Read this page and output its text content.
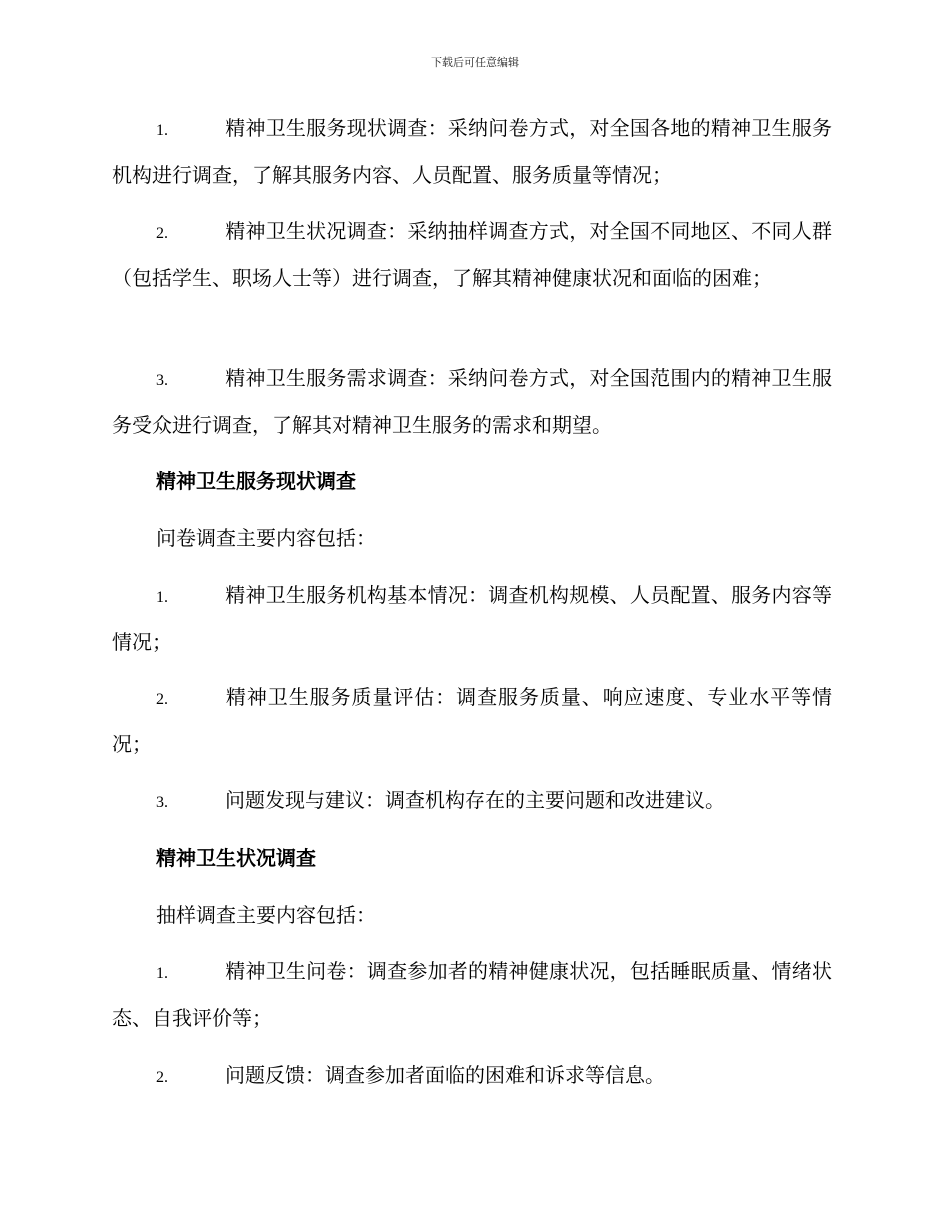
下载后可任意编辑
1.	精神卫生服务现状调查：采纳问卷方式，对全国各地的精神卫生服务机构进行调查，了解其服务内容、人员配置、服务质量等情况；
2.	精神卫生状况调查：采纳抽样调查方式，对全国不同地区、不同人群（包括学生、职场人士等）进行调查，了解其精神健康状况和面临的困难；
3.	精神卫生服务需求调查：采纳问卷方式，对全国范围内的精神卫生服务受众进行调查，了解其对精神卫生服务的需求和期望。
精神卫生服务现状调查
问卷调查主要内容包括：
1.	精神卫生服务机构基本情况：调查机构规模、人员配置、服务内容等情况；
2.	精神卫生服务质量评估：调查服务质量、响应速度、专业水平等情况；
3.	问题发现与建议：调查机构存在的主要问题和改进建议。
精神卫生状况调查
抽样调查主要内容包括：
1.	精神卫生问卷：调查参加者的精神健康状况，包括睡眠质量、情绪状态、自我评价等；
2.	问题反馈：调查参加者面临的困难和诉求等信息。
